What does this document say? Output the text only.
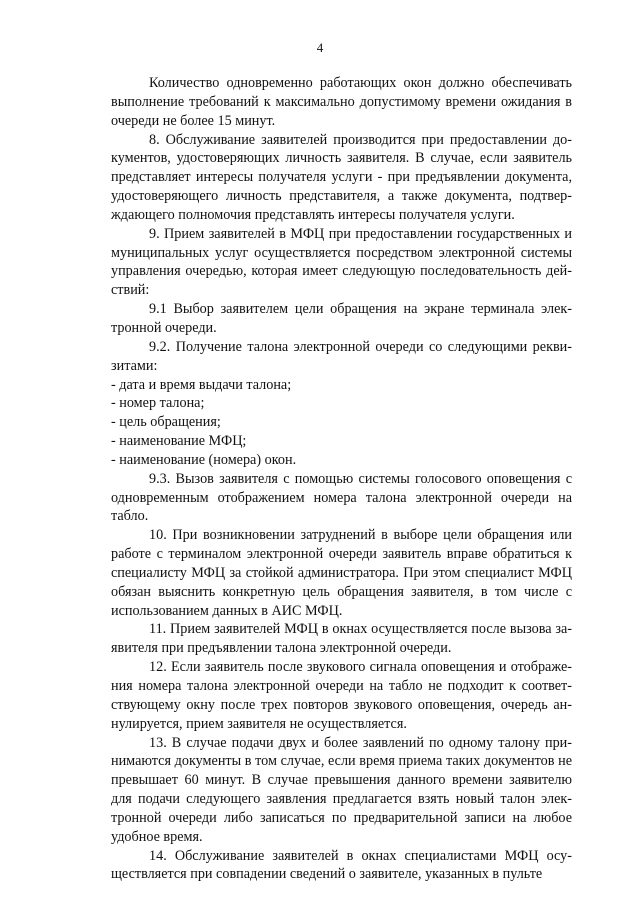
4

Количество одновременно работающих окон должно обеспечивать выполнение требований к максимально допустимому времени ожидания в очереди не более 15 минут.

8. Обслуживание заявителей производится при предоставлении документов, удостоверяющих личность заявителя. В случае, если заявитель представляет интересы получателя услуги - при предъявлении документа, удостоверяющего личность представителя, а также документа, подтверждающего полномочия представлять интересы получателя услуги.

9. Прием заявителей в МФЦ при предоставлении государственных и муниципальных услуг осуществляется посредством электронной системы управления очередью, которая имеет следующую последовательность действий:

9.1 Выбор заявителем цели обращения на экране терминала электронной очереди.

9.2. Получение талона электронной очереди со следующими реквизитами:

- дата и время выдачи талона;

- номер талона;

- цель обращения;

- наименование МФЦ;

- наименование (номера) окон.

9.3. Вызов заявителя с помощью системы голосового оповещения с одновременным отображением номера талона электронной очереди на табло.

10. При возникновении затруднений в выборе цели обращения или работе с терминалом электронной очереди заявитель вправе обратиться к специалисту МФЦ за стойкой администратора. При этом специалист МФЦ обязан выяснить конкретную цель обращения заявителя, в том числе с использованием данных в АИС МФЦ.

11. Прием заявителей МФЦ в окнах осуществляется после вызова заявителя при предъявлении талона электронной очереди.

12. Если заявитель после звукового сигнала оповещения и отображения номера талона электронной очереди на табло не подходит к соответствующему окну после трех повторов звукового оповещения, очередь аннулируется, прием заявителя не осуществляется.

13. В случае подачи двух и более заявлений по одному талону принимаются документы в том случае, если время приема таких документов не превышает 60 минут. В случае превышения данного времени заявителю для подачи следующего заявления предлагается взять новый талон электронной очереди либо записаться по предварительной записи на любое удобное время.

14. Обслуживание заявителей в окнах специалистами МФЦ осуществляется при совпадении сведений о заявителе, указанных в пульте
